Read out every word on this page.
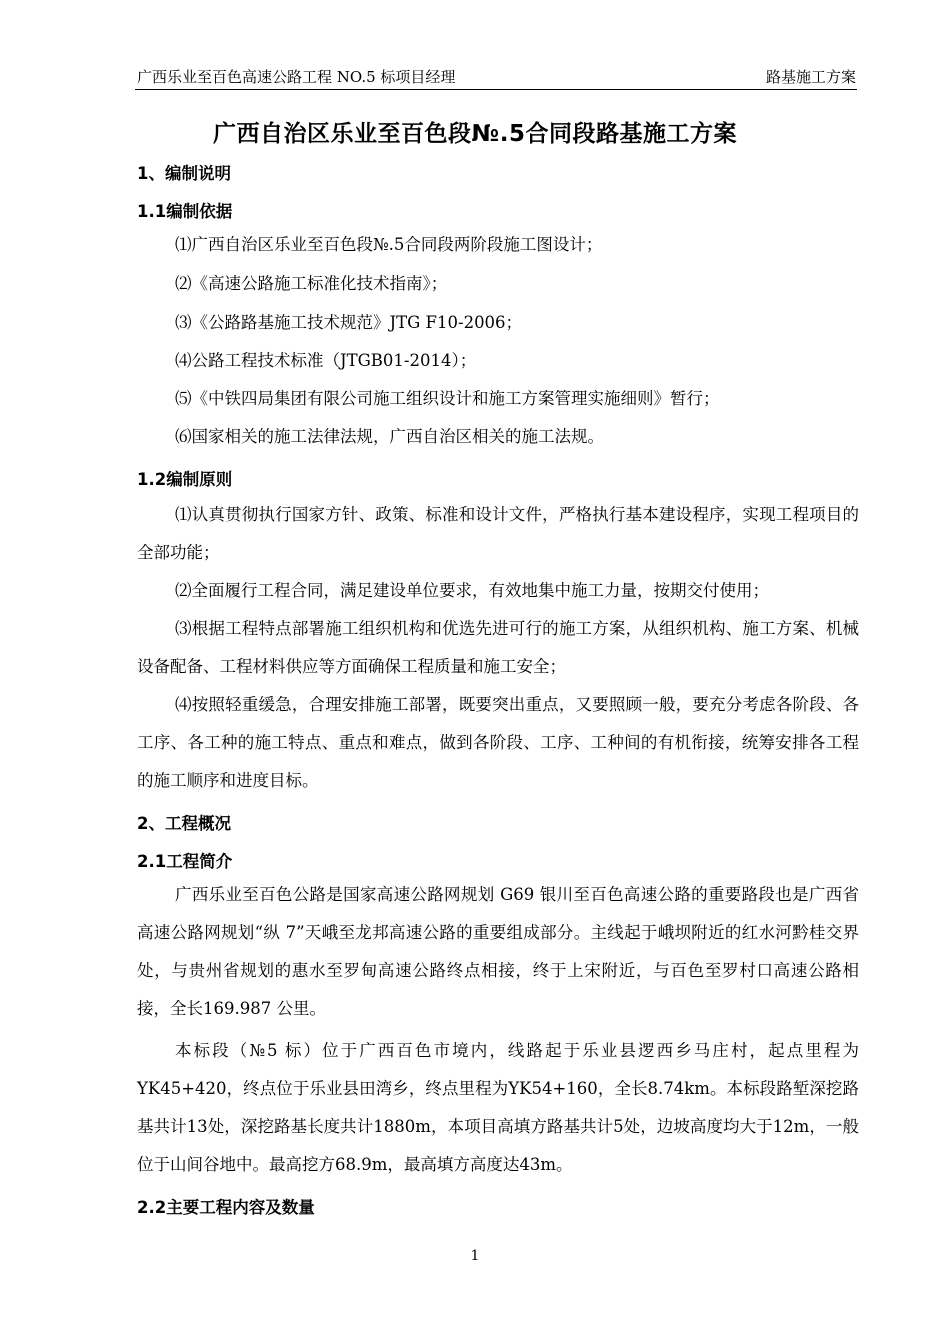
广西乐业至百色高速公路工程 NO.5 标项目经理	路基施工方案
广西自治区乐业至百色段№.5合同段路基施工方案
1、编制说明
1.1编制依据
⑴广西自治区乐业至百色段№.5合同段两阶段施工图设计；
⑵《高速公路施工标准化技术指南》；
⑶《公路路基施工技术规范》JTG F10-2006；
⑷公路工程技术标准（JTGB01-2014）；
⑸《中铁四局集团有限公司施工组织设计和施工方案管理实施细则》暂行；
⑹国家相关的施工法律法规，广西自治区相关的施工法规。
1.2编制原则
⑴认真贯彻执行国家方针、政策、标准和设计文件，严格执行基本建设程序，实现工程项目的全部功能；
⑵全面履行工程合同，满足建设单位要求，有效地集中施工力量，按期交付使用；
⑶根据工程特点部署施工组织机构和优选先进可行的施工方案，从组织机构、施工方案、机械设备配备、工程材料供应等方面确保工程质量和施工安全；
⑷按照轻重缓急，合理安排施工部署，既要突出重点，又要照顾一般，要充分考虑各阶段、各工序、各工种的施工特点、重点和难点，做到各阶段、工序、工种间的有机衔接，统筹安排各工程的施工顺序和进度目标。
2、工程概况
2.1工程简介
广西乐业至百色公路是国家高速公路网规划 G69 银川至百色高速公路的重要路段也是广西省高速公路网规划“纵 7”天峨至龙邦高速公路的重要组成部分。主线起于峨坝附近的红水河黔桂交界处，与贵州省规划的惠水至罗甸高速公路终点相接，终于上宋附近，与百色至罗村口高速公路相接，全长169.987 公里。
本标段（№5 标）位于广西百色市境内，线路起于乐业县逻西乡马庄村，起点里程为YK45+420，终点位于乐业县田湾乡，终点里程为YK54+160，全长8.74km。本标段路堑深挖路基共计13处，深挖路基长度共计1880m，本项目高填方路基共计5处，边坡高度均大于12m，一般位于山间谷地中。最高挖方68.9m，最高填方高度达43m。
2.2主要工程内容及数量
1
